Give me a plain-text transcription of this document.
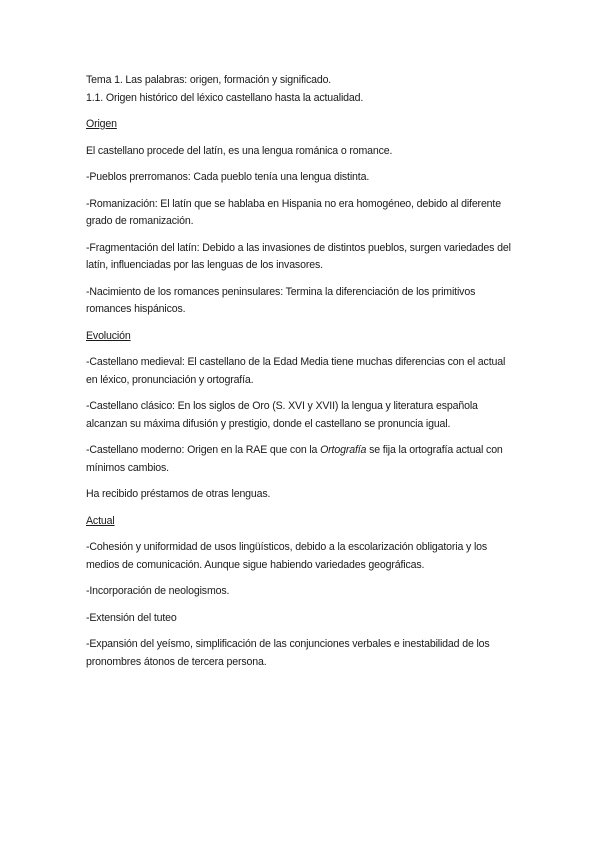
Tema 1. Las palabras: origen, formación y significado.

1.1. Origen histórico del léxico castellano hasta la actualidad.

Origen

El castellano procede del latín, es una lengua románica o romance.

-Pueblos prerromanos: Cada pueblo tenía una lengua distinta.

-Romanización: El latín que se hablaba en Hispania no era homogéneo, debido al diferente grado de romanización.

-Fragmentación del latín: Debido a las invasiones de distintos pueblos, surgen variedades del latín, influenciadas por las lenguas de los invasores.

-Nacimiento de los romances peninsulares: Termina la diferenciación de los primitivos romances hispánicos.

Evolución

-Castellano medieval: El castellano de la Edad Media tiene muchas diferencias con el actual en léxico, pronunciación y ortografía.

-Castellano clásico: En los siglos de Oro (S. XVI y XVII) la lengua y literatura española alcanzan su máxima difusión y prestigio, donde el castellano se pronuncia igual.

-Castellano moderno: Origen en la RAE que con la Ortografía se fija la ortografía actual con mínimos cambios.

Ha recibido préstamos de otras lenguas.

Actual

-Cohesión y uniformidad de usos lingüísticos, debido a la escolarización obligatoria y los medios de comunicación. Aunque sigue habiendo variedades geográficas.

-Incorporación de neologismos.

-Extensión del tuteo

-Expansión del yeísmo, simplificación de las conjunciones verbales e inestabilidad de los pronombres átonos de tercera persona.
